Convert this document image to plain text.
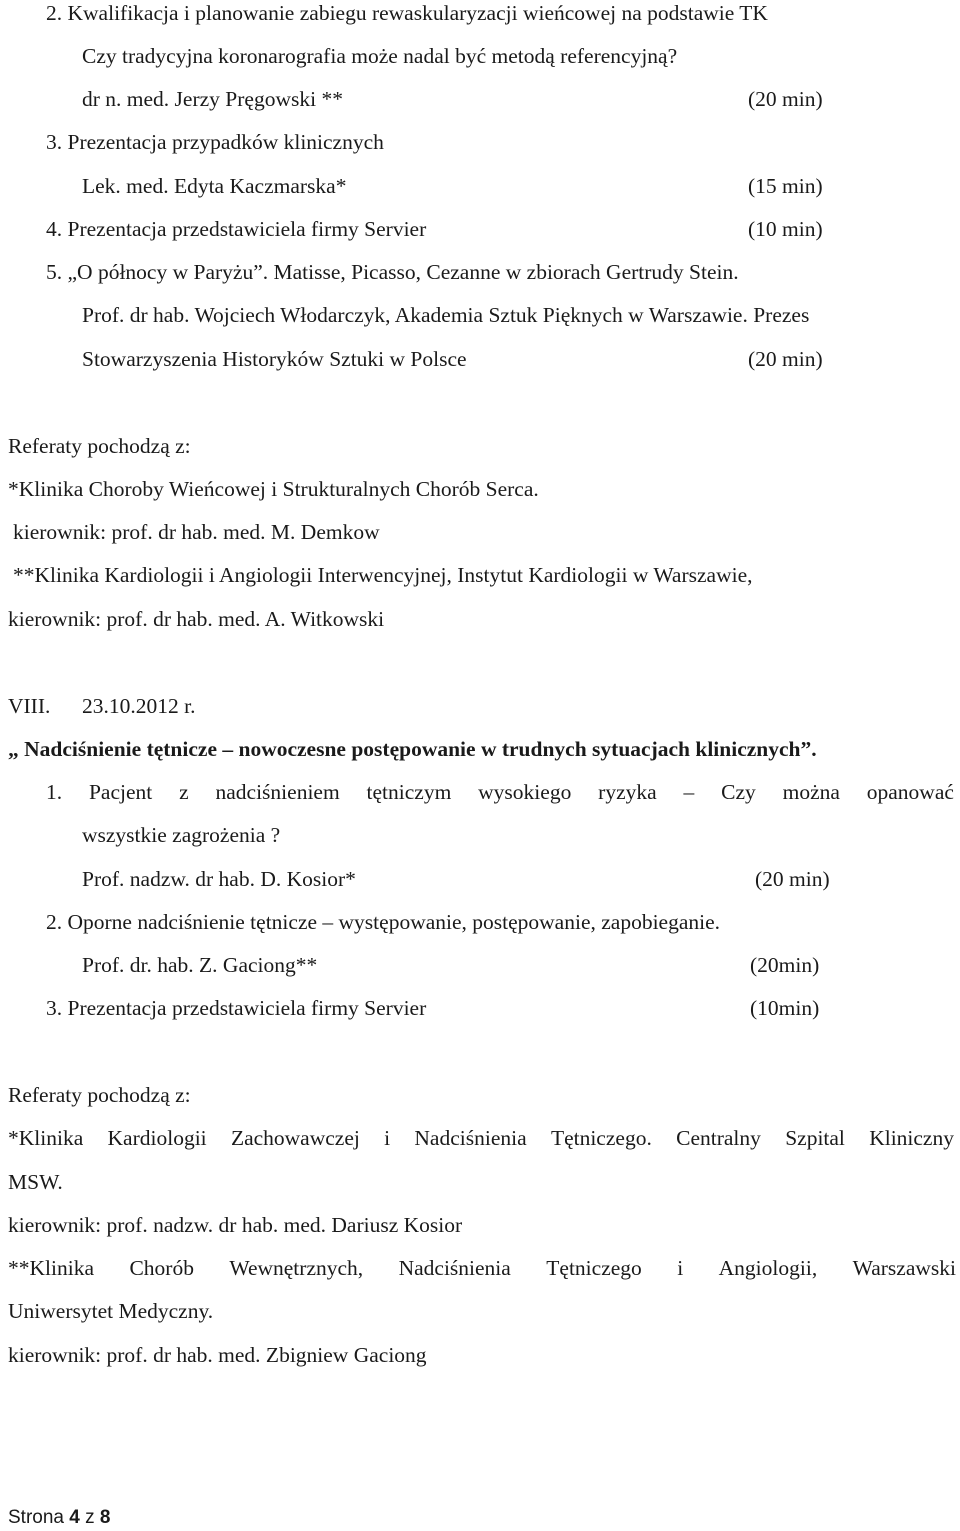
2. Kwalifikacja i planowanie zabiegu rewaskularyzacji wieńcowej na podstawie TK
Czy tradycyjna koronarografia może nadal być metodą referencyjną?
dr n. med. Jerzy Pręgowski **	(20 min)
3. Prezentacja przypadków klinicznych
Lek. med. Edyta Kaczmarska*	(15 min)
4. Prezentacja przedstawiciela firmy Servier	(10 min)
5. „O północy w Paryżu”. Matisse, Picasso, Cezanne w zbiorach Gertrudy Stein.
Prof. dr hab. Wojciech Włodarczyk, Akademia Sztuk Pięknych w Warszawie. Prezes
Stowarzyszenia Historyków Sztuki w Polsce	(20 min)
Referaty pochodzą z:
*Klinika Choroby Wieńcowej i Strukturalnych Chorób Serca.
kierownik: prof. dr hab. med. M. Demkow
**Klinika Kardiologii i Angiologii Interwencyjnej, Instytut Kardiologii w Warszawie,
kierownik: prof. dr hab. med. A. Witkowski
VIII. 23.10.2012 r.
„ Nadciśnienie tętnicze – nowoczesne postępowanie w trudnych sytuacjach klinicznych”.
1. Pacjent z nadciśnieniem tętniczym wysokiego ryzyka – Czy można opanować
wszystkie zagrożenia ?
Prof. nadzw. dr hab. D. Kosior*	(20 min)
2. Oporne nadciśnienie tętnicze – występowanie, postępowanie, zapobieganie.
Prof. dr. hab. Z. Gaciong**	(20min)
3. Prezentacja przedstawiciela firmy Servier	(10min)
Referaty pochodzą z:
*Klinika Kardiologii Zachowawczej i Nadciśnienia Tętniczego. Centralny Szpital Kliniczny
MSW.
kierownik: prof. nadzw. dr hab. med. Dariusz Kosior
**Klinika Chorób Wewnętrznych, Nadciśnienia Tętniczego i Angiologii, Warszawski
Uniwersytet Medyczny.
kierownik: prof. dr hab. med. Zbigniew Gaciong
Strona 4 z 8
